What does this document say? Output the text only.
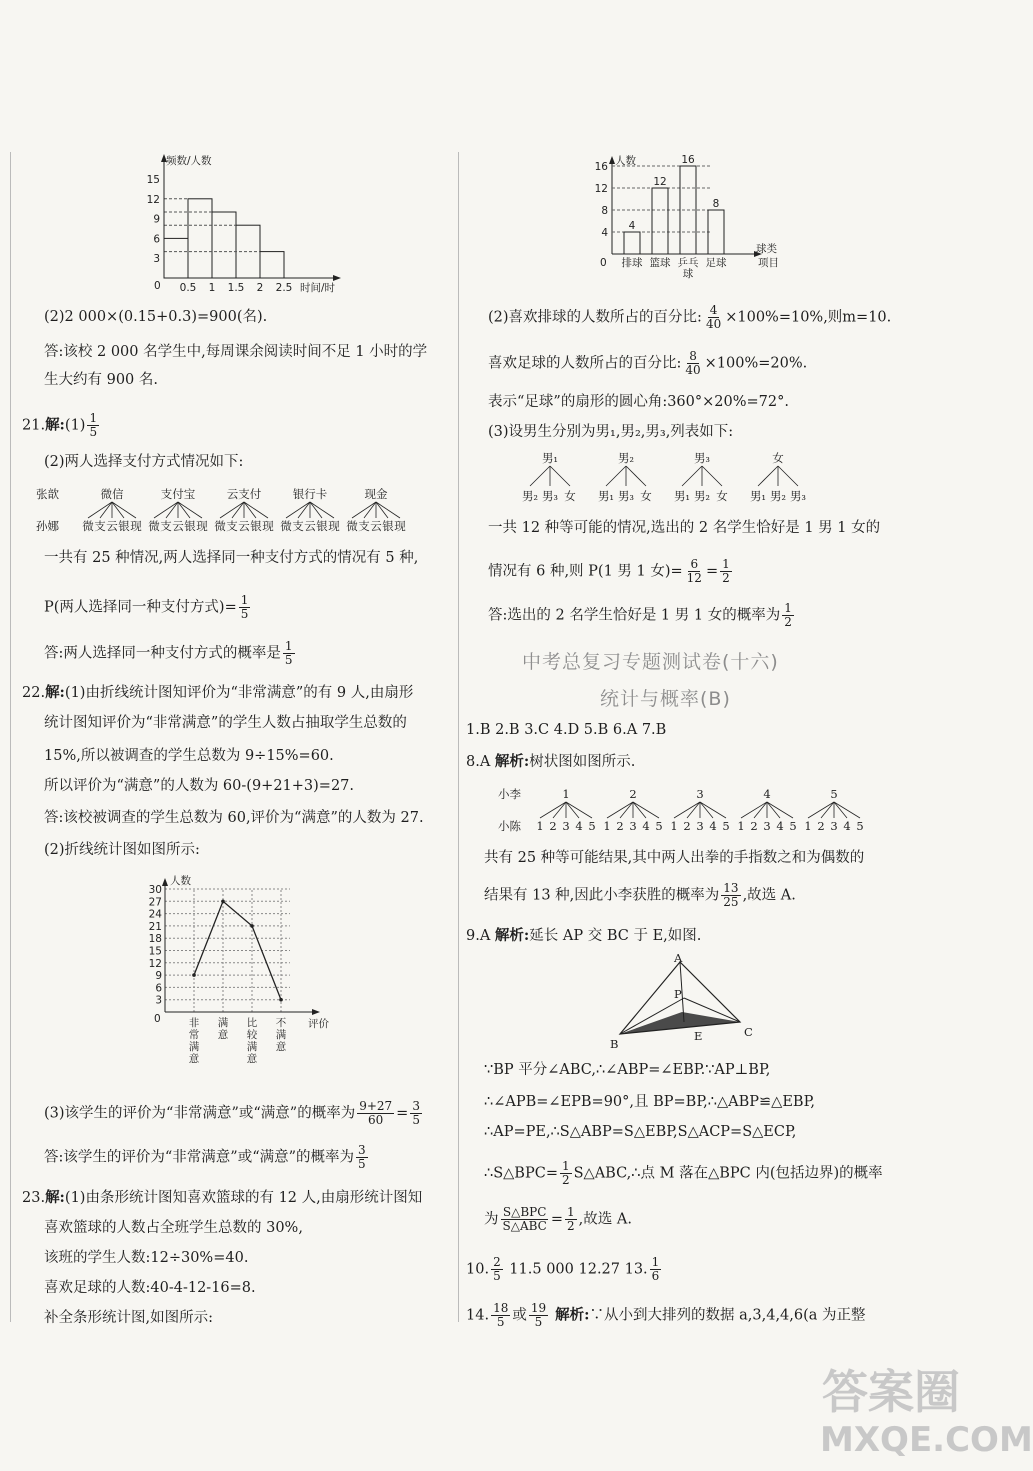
频数/人数
15
12
9
6
3
0.5 1 1.5 2 2.5 时间/时
0
人数
球类
项目
0
16
12
8
4
4
排球
12
篮球
16
乒乓
球
8
足球
人数
评价
0
30
27
24
21
18
15
12
9
6
3
非常满意
满意
比较满意
不满意
(2)2 000×(0.15+0.3)=900(名).
答:该校 2 000 名学生中,每周课余阅读时间不足 1 小时的学
生大约有 900 名.
21.解:(1) $\frac{1}{5}$
(2)两人选择支付方式情况如下:
张歆
孙娜
微信
微 支 云 银 现
支付宝
微 支 云 银 现
云支付
微 支 云 银 现
银行卡
微 支 云 银 现
现金
微 支 云 银 现
一共有 25 种情况,两人选择同一种支付方式的情况有 5 种,
P(两人选择同一种支付方式)= $\frac{1}{5}$
答:两人选择同一种支付方式的概率是 $\frac{1}{5}$
22.解:(1)由折线统计图知评价为“非常满意”的有 9 人,由扇形
统计图知评价为“非常满意”的学生人数占抽取学生总数的
15%,所以被调查的学生总数为 9÷15%=60.
所以评价为“满意”的人数为 60-(9+21+3)=27.
答:该校被调查的学生总数为 60,评价为“满意”的人数为 27.
(2)折线统计图如图所示:
(3)该学生的评价为“非常满意”或“满意”的概率为 $\frac{9+27}{60} = \frac{3}{5}$
答:该学生的评价为“非常满意”或“满意”的概率为 $\frac{3}{5}$
23.解:(1)由条形统计图知喜欢篮球的有 12 人,由扇形统计图知
喜欢篮球的人数占全班学生总数的 30%,
该班的学生人数:12÷30%=40.
喜欢足球的人数:40-4-12-16=8.
补全条形统计图,如图所示:
(2)喜欢排球的人数所占的百分比: $\frac{4}{40} \times 100\%=10\%$,则m=10.
喜欢足球的人数所占的百分比: $\frac{8}{40} \times 100\%=20\%$.
表示“足球”的扇形的圆心角:360°×20%=72°.
(3)设男生分别为男₁,男₂,男₃,列表如下:
男₁
男₂ 男₃ 女
男₂
男₁ 男₃ 女
男₃
男₁ 男₂ 女
女
男₁ 男₂ 男₃
一共 12 种等可能的情况,选出的 2 名学生恰好是 1 男 1 女的
情况有 6 种,则 P(1 男 1 女)= $\frac{6}{12} = \frac{1}{2}$
答:选出的 2 名学生恰好是 1 男 1 女的概率为 $\frac{1}{2}$
中考总复习专题测试卷(十六)
统计与概率(B)
1.B 2.B 3.C 4.D 5.B 6.A 7.B
8.A 解析:树状图如图所示.
小李
小陈
1
1 2 3 4 5
2
1 2 3 4 5
3
1 2 3 4 5
4
1 2 3 4 5
5
1 2 3 4 5
共有 25 种等可能结果,其中两人出拳的手指数之和为偶数的
结果有 13 种,因此小李获胜的概率为 $\frac{13}{25}$ ,故选 A.
9.A 解析:延长 AP 交 BC 于 E,如图.
A
P
B
E	C
∵BP 平分∠ABC,∴∠ABP=∠EBP.∵AP⊥BP,
∴∠APB=∠EPB=90°,且 BP=BP,∴△ABP≌△EBP,
∴AP=PE,∴S△ABP=S△EBP,S△ACP=S△ECP,
∴S△BPC= $\frac{1}{2}$ S△ABC,∴点 M 落在△BPC 内(包括边界)的概率
为 $\frac{\text{S△BPC}}{\text{S△ABC}} = \frac{1}{2}$ ,故选 A.
10. $\frac{2}{5} 11.5$ 000 12.27 13. $\frac{1}{6}$
14. $\frac{18}{5}$ 或 $\frac{19}{5}$ 解析:∵从小到大排列的数据 a,3,4,4,6(a 为正整
答案圈
MXQE.COM
